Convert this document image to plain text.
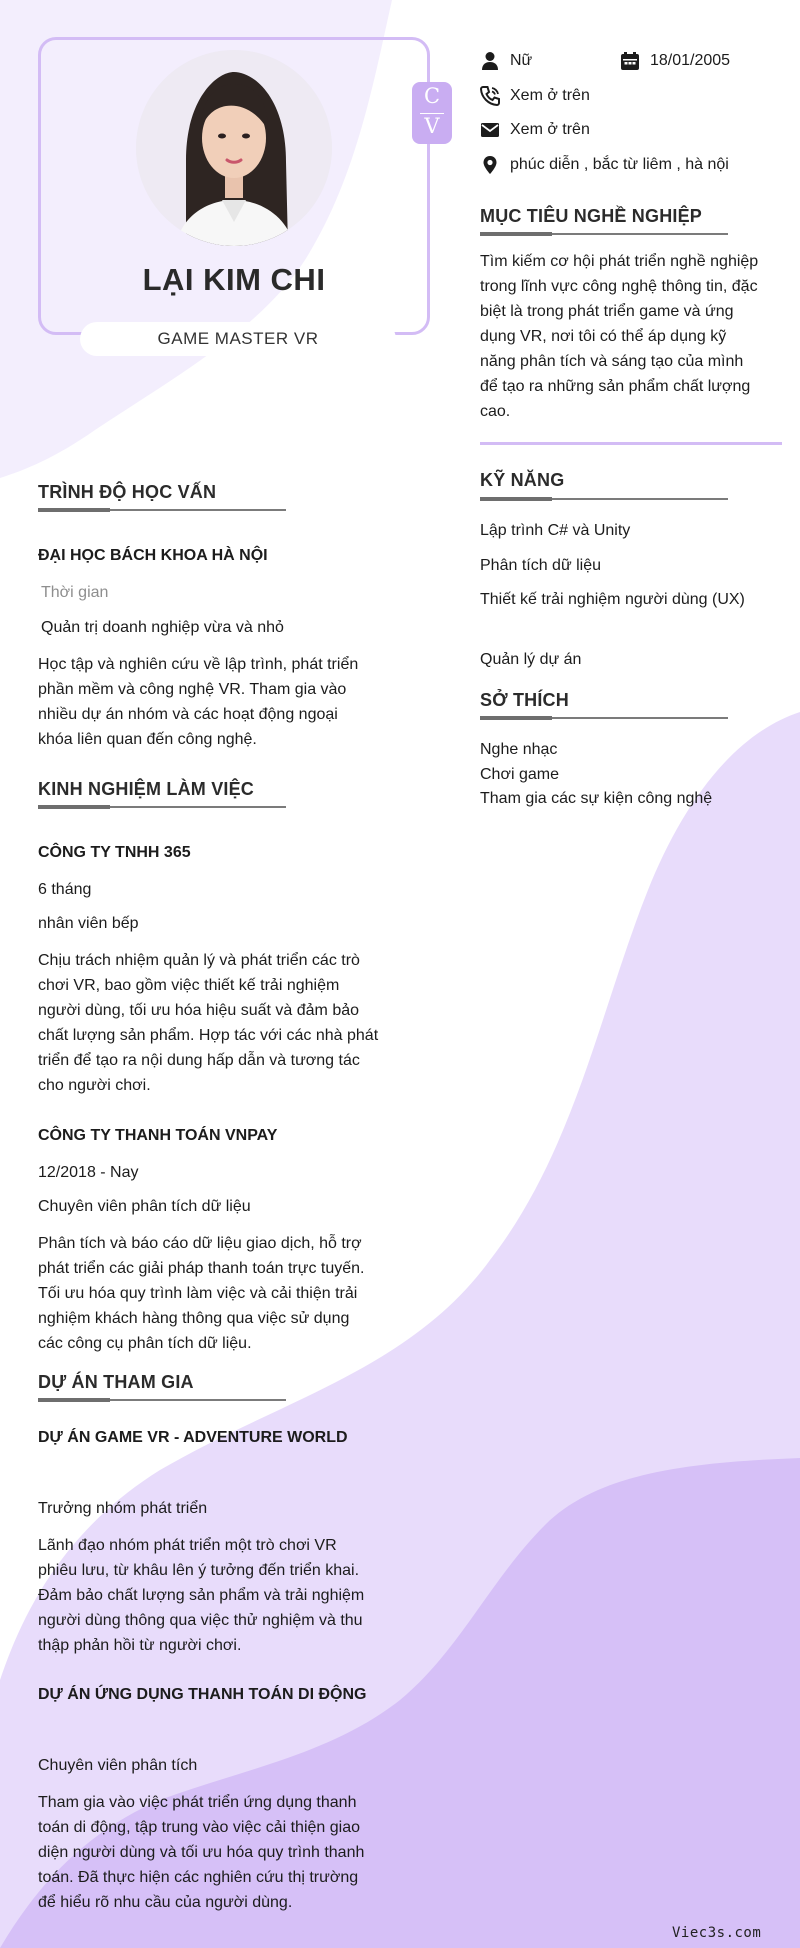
LẠI KIM CHI
GAME MASTER VR
C
V
Nữ	18/01/2005
Xem ở trên
Xem ở trên
phúc diễn , bắc từ liêm , hà nội
MỤC TIÊU NGHỀ NGHIỆP
Tìm kiếm cơ hội phát triển nghề nghiệp
trong lĩnh vực công nghệ thông tin, đặc
biệt là trong phát triển game và ứng
dụng VR, nơi tôi có thể áp dụng kỹ
năng phân tích và sáng tạo của mình
để tạo ra những sản phẩm chất lượng
cao.
KỸ NĂNG
Lập trình C# và Unity
Phân tích dữ liệu
Thiết kế trải nghiệm người dùng (UX)
Quản lý dự án
SỞ THÍCH
Nghe nhạc
Chơi game
Tham gia các sự kiện công nghệ
TRÌNH ĐỘ HỌC VẤN
ĐẠI HỌC BÁCH KHOA HÀ NỘI
Thời gian
Quản trị doanh nghiệp vừa và nhỏ
Học tập và nghiên cứu về lập trình, phát triển
phần mềm và công nghệ VR. Tham gia vào
nhiều dự án nhóm và các hoạt động ngoại
khóa liên quan đến công nghệ.
KINH NGHIỆM LÀM VIỆC
CÔNG TY TNHH 365
6 tháng
nhân viên bếp
Chịu trách nhiệm quản lý và phát triển các trò
chơi VR, bao gồm việc thiết kế trải nghiệm
người dùng, tối ưu hóa hiệu suất và đảm bảo
chất lượng sản phẩm. Hợp tác với các nhà phát
triển để tạo ra nội dung hấp dẫn và tương tác
cho người chơi.
CÔNG TY THANH TOÁN VNPAY
12/2018 - Nay
Chuyên viên phân tích dữ liệu
Phân tích và báo cáo dữ liệu giao dịch, hỗ trợ
phát triển các giải pháp thanh toán trực tuyến.
Tối ưu hóa quy trình làm việc và cải thiện trải
nghiệm khách hàng thông qua việc sử dụng
các công cụ phân tích dữ liệu.
DỰ ÁN THAM GIA
DỰ ÁN GAME VR - ADVENTURE WORLD
Trưởng nhóm phát triển
Lãnh đạo nhóm phát triển một trò chơi VR
phiêu lưu, từ khâu lên ý tưởng đến triển khai.
Đảm bảo chất lượng sản phẩm và trải nghiệm
người dùng thông qua việc thử nghiệm và thu
thập phản hồi từ người chơi.
DỰ ÁN ỨNG DỤNG THANH TOÁN DI ĐỘNG
Chuyên viên phân tích
Tham gia vào việc phát triển ứng dụng thanh
toán di động, tập trung vào việc cải thiện giao
diện người dùng và tối ưu hóa quy trình thanh
toán. Đã thực hiện các nghiên cứu thị trường
để hiểu rõ nhu cầu của người dùng.
Viec3s.com
